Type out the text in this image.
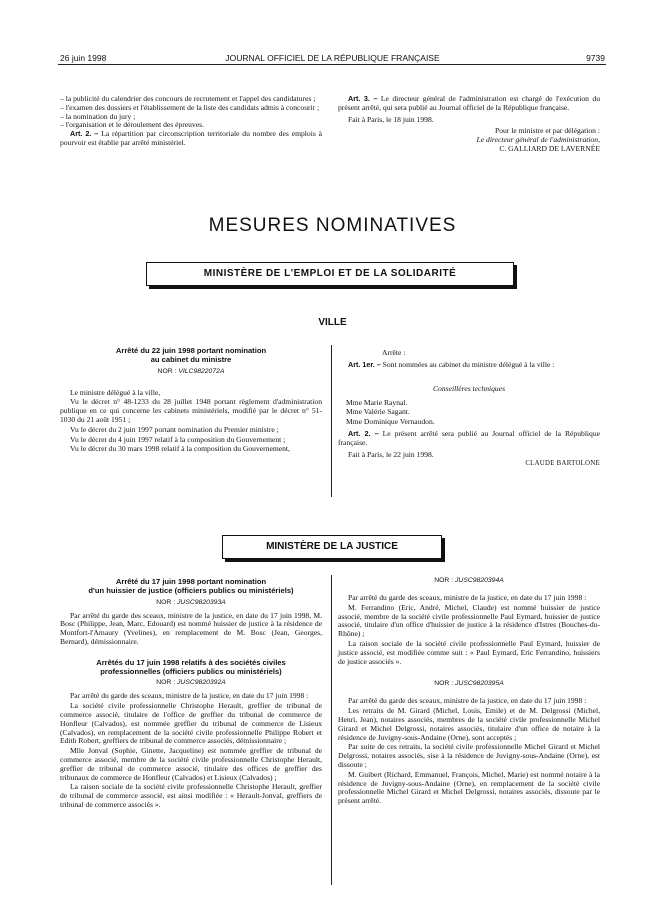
26 juin 1998	JOURNAL OFFICIEL DE LA RÉPUBLIQUE FRANÇAISE	9739
– la publicité du calendrier des concours de recrutement et l'appel des candidatures ;
– l'examen des dossiers et l'établissement de la liste des candidats admis à concourir ;
– la nomination du jury ;
– l'organisation et le déroulement des épreuves.

Art. 2. – La répartition par circonscription territoriale du nombre des emplois à pourvoir est établie par arrêté ministériel.

Art. 3. – Le directeur général de l'administration est chargé de l'exécution du présent arrêté, qui sera publié au Journal officiel de la République française.

Fait à Paris, le 18 juin 1998.

Pour le ministre et par délégation :

Le directeur général de l'administration,

C. GALLIARD DE LAVERNÉE

MESURES NOMINATIVES
MINISTÈRE DE L'EMPLOI ET DE LA SOLIDARITÉ
VILLE

Arrêté du 22 juin 1998 portant nomination

au cabinet du ministre

NOR : VILC9822072A

Le ministre délégué à la ville,

Vu le décret n° 48-1233 du 28 juillet 1948 portant règlement d'administration publique en ce qui concerne les cabinets ministériels, modifié par le décret n° 51-1030 du 21 août 1951 ;

Vu le décret du 2 juin 1997 portant nomination du Premier ministre ;

Vu le décret du 4 juin 1997 relatif à la composition du Gouvernement ;

Vu le décret du 30 mars 1998 relatif à la composition du Gouvernement,

Arrête :

Art. 1er. – Sont nommées au cabinet du ministre délégué à la ville :

Conseillères techniques

Mme Marie Raynal.

Mme Valérie Sagant.

Mme Dominique Vernaudon.

Art. 2. – Le présent arrêté sera publié au Journal officiel de la République française.

Fait à Paris, le 22 juin 1998.

CLAUDE BARTOLONE

MINISTÈRE DE LA JUSTICE

Arrêté du 17 juin 1998 portant nomination

d'un huissier de justice (officiers publics ou ministériels)

NOR : JUSC9820393A

Par arrêté du garde des sceaux, ministre de la justice, en date du 17 juin 1998, M. Bosc (Philippe, Jean, Marc, Edouard) est nommé huissier de justice à la résidence de Montfort-l'Amaury (Yvelines), en remplacement de M. Bosc (Jean, Georges, Bernard), démissionnaire.

Arrêtés du 17 juin 1998 relatifs à des sociétés civiles

professionnelles (officiers publics ou ministériels)

NOR : JUSC9820392A

Par arrêté du garde des sceaux, ministre de la justice, en date du 17 juin 1998 :

La société civile professionnelle Christophe Herault, greffier de tribunal de commerce associé, titulaire de l'office de greffier du tribunal de commerce de Honfleur (Calvados), est nommée greffier du tribunal de commerce de Lisieux (Calvados), en remplacement de la société civile professionnelle Philippe Robert et Edith Robert, greffiers de tribunal de commerce associés, démissionnaire ;

Mlle Jonval (Sophie, Ginette, Jacqueline) est nommée greffier de tribunal de commerce associé, membre de la société civile professionnelle Christophe Herault, greffier de tribunal de commerce associé, titulaire des offices de greffier des tribunaux de commerce de Honfleur (Calvados) et Lisieux (Calvados) ;

La raison sociale de la société civile professionnelle Christophe Herault, greffier de tribunal de commerce associé, est ainsi modifiée : « Herault-Jonval, greffiers de tribunal de commerce associés ».

NOR : JUSC9820394A

Par arrêté du garde des sceaux, ministre de la justice, en date du 17 juin 1998 :

M. Ferrandino (Eric, André, Michel, Claude) est nommé huissier de justice associé, membre de la société civile professionnelle Paul Eymard, huissier de justice associé, titulaire d'un office d'huissier de justice à la résidence d'Istres (Bouches-du-Rhône) ;

La raison sociale de la société civile professionnelle Paul Eymard, huissier de justice associé, est modifiée comme suit : « Paul Eymard, Eric Ferrandino, huissiers de justice associés ».

NOR : JUSC9820395A

Par arrêté du garde des sceaux, ministre de la justice, en date du 17 juin 1998 :

Les retraits de M. Girard (Michel, Louis, Emile) et de M. Delgrossi (Michel, Henri, Jean), notaires associés, membres de la société civile professionnelle Michel Girard et Michel Delgrossi, notaires associés, titulaire d'un office de notaire à la résidence de Juvigny-sous-Andaine (Orne), sont acceptés ;

Par suite de ces retraits, la société civile professionnelle Michel Girard et Michel Delgrossi, notaires associés, sise à la résidence de Juvigny-sous-Andaine (Orne), est dissoute ;

M. Guibert (Richard, Emmanuel, François, Michel, Marie) est nommé notaire à la résidence de Juvigny-sous-Andaine (Orne), en remplacement de la société civile professionnelle Michel Girard et Michel Delgrossi, notaires associés, dissoute par le présent arrêté.
